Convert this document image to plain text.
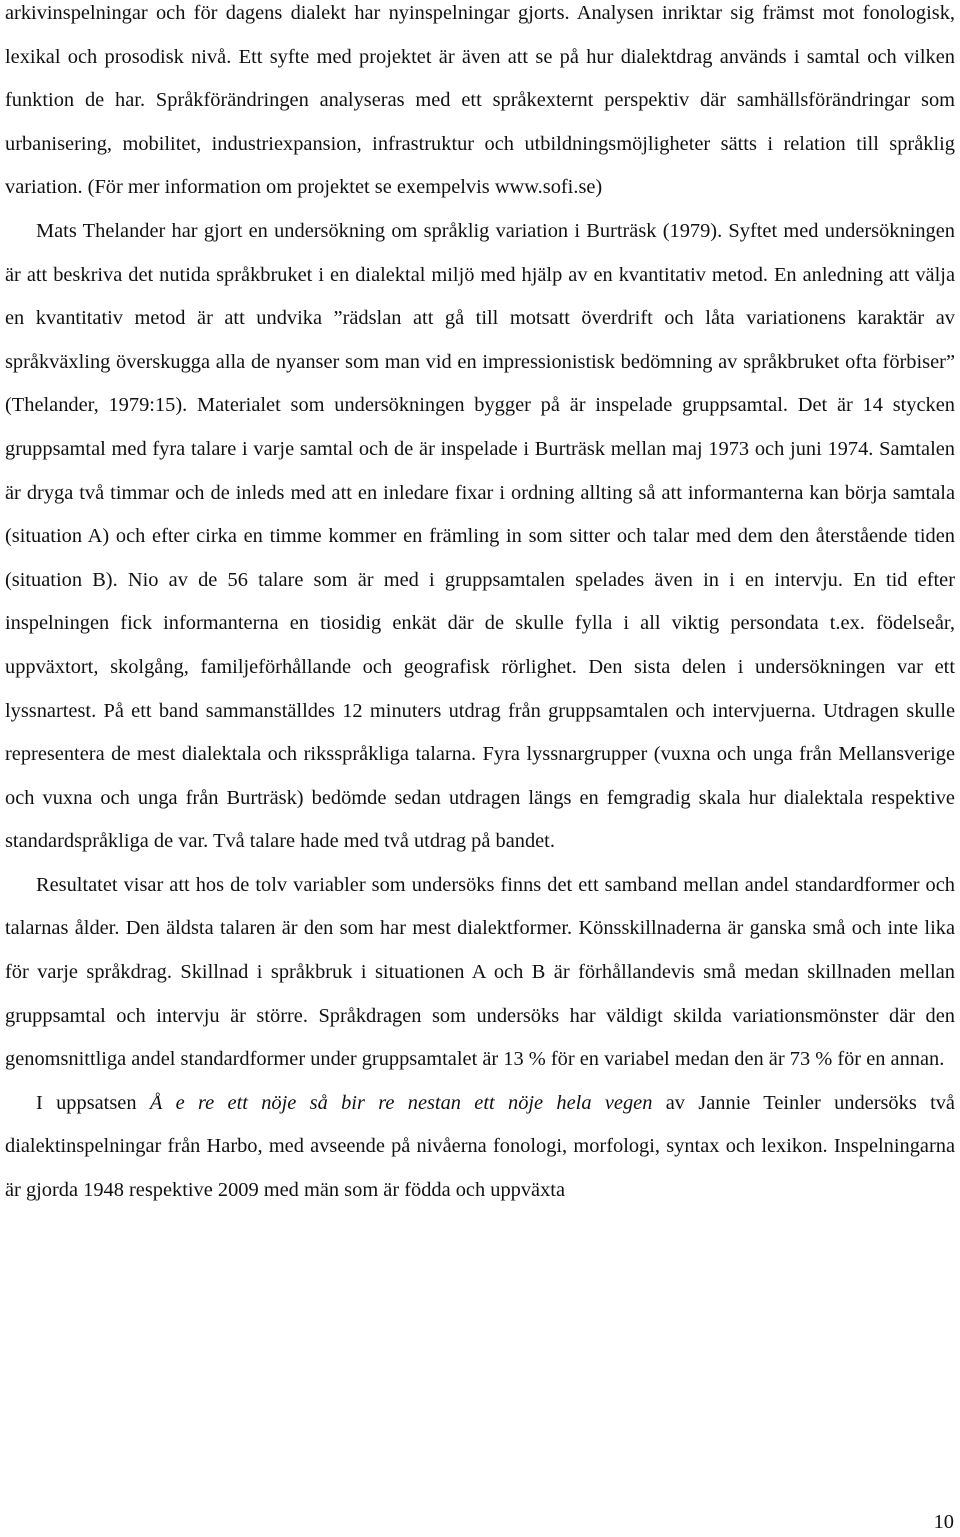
arkivinspelningar och för dagens dialekt har nyinspelningar gjorts. Analysen inriktar sig främst mot fonologisk, lexikal och prosodisk nivå. Ett syfte med projektet är även att se på hur dialektdrag används i samtal och vilken funktion de har. Språkförändringen analyseras med ett språkexternt perspektiv där samhällsförändringar som urbanisering, mobilitet, industriexpansion, infrastruktur och utbildningsmöjligheter sätts i relation till språklig variation. (För mer information om projektet se exempelvis www.sofi.se)

Mats Thelander har gjort en undersökning om språklig variation i Burträsk (1979). Syftet med undersökningen är att beskriva det nutida språkbruket i en dialektal miljö med hjälp av en kvantitativ metod. En anledning att välja en kvantitativ metod är att undvika ”rädslan att gå till motsatt överdrift och låta variationens karaktär av språkväxling överskugga alla de nyanser som man vid en impressionistisk bedömning av språkbruket ofta förbiser” (Thelander, 1979:15). Materialet som undersökningen bygger på är inspelade gruppsamtal. Det är 14 stycken gruppsamtal med fyra talare i varje samtal och de är inspelade i Burträsk mellan maj 1973 och juni 1974. Samtalen är dryga två timmar och de inleds med att en inledare fixar i ordning allting så att informanterna kan börja samtala (situation A) och efter cirka en timme kommer en främling in som sitter och talar med dem den återstående tiden (situation B). Nio av de 56 talare som är med i gruppsamtalen spelades även in i en intervju. En tid efter inspelningen fick informanterna en tiosidig enkät där de skulle fylla i all viktig persondata t.ex. födelseår, uppväxtort, skolgång, familjeförhållande och geografisk rörlighet. Den sista delen i undersökningen var ett lyssnartest. På ett band sammanställdes 12 minuters utdrag från gruppsamtalen och intervjuerna. Utdragen skulle representera de mest dialektala och riksspråkliga talarna. Fyra lyssnargrupper (vuxna och unga från Mellansverige och vuxna och unga från Burträsk) bedömde sedan utdragen längs en femgradig skala hur dialektala respektive standardspråkliga de var. Två talare hade med två utdrag på bandet.

Resultatet visar att hos de tolv variabler som undersöks finns det ett samband mellan andel standardformer och talarnas ålder. Den äldsta talaren är den som har mest dialektformer. Könsskillnaderna är ganska små och inte lika för varje språkdrag. Skillnad i språkbruk i situationen A och B är förhållandevis små medan skillnaden mellan gruppsamtal och intervju är större. Språkdragen som undersöks har väldigt skilda variationsmönster där den genomsnittliga andel standardformer under gruppsamtalet är 13 % för en variabel medan den är 73 % för en annan.

I uppsatsen Å e re ett nöje så bir re nestan ett nöje hela vegen av Jannie Teinler undersöks två dialektinspelningar från Harbo, med avseende på nivåerna fonologi, morfologi, syntax och lexikon. Inspelningarna är gjorda 1948 respektive 2009 med män som är födda och uppväxta

10
